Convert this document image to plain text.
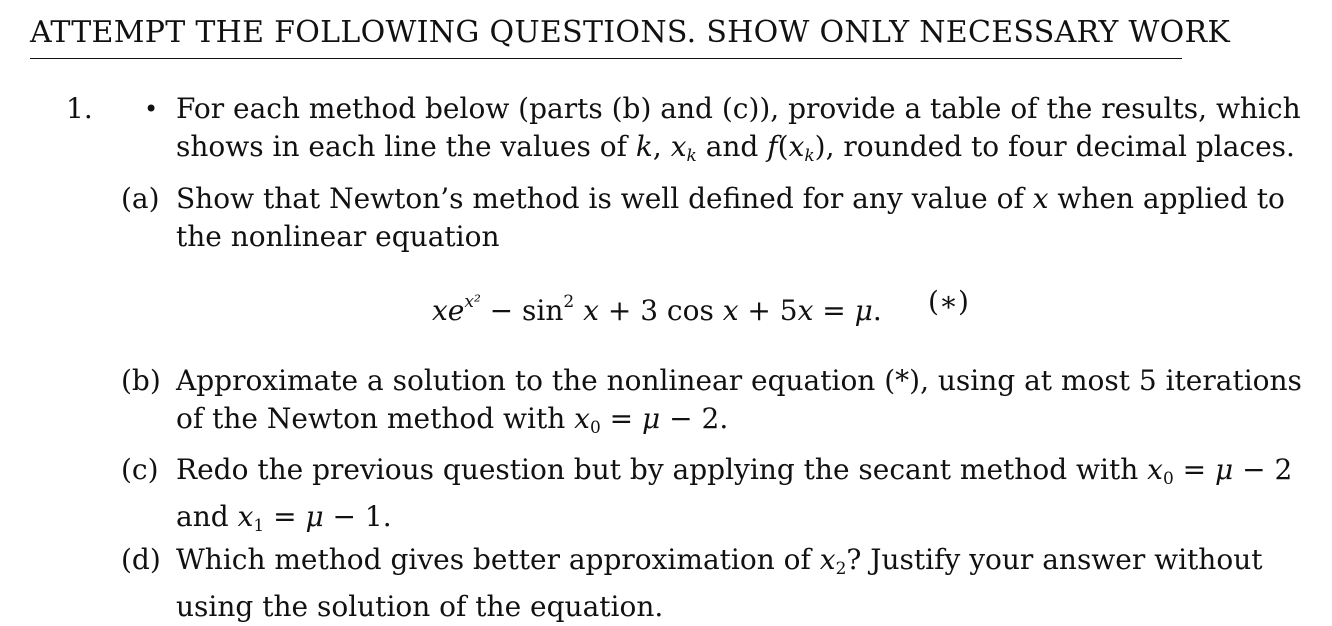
ATTEMPT THE FOLLOWING QUESTIONS. SHOW ONLY NECESSARY WORK
1. • For each method below (parts (b) and (c)), provide a table of the results, which
shows in each line the values of k, $x_k$ and $f(x_k)$, rounded to four decimal places.
(a) Show that Newton’s method is well defined for any value of x when applied to
the nonlinear equation
$xe^{x^2} - \sin^2 x + 3$ cos x + 5x = μ. (∗)
(b) Approximate a solution to the nonlinear equation (*), using at most 5 iterations
of the Newton method with $x_0 = \mu - 2$.
(c) Redo the previous question but by applying the secant method with $x_0 = \mu - 2$
and $x_1 = \mu - 1$.
(d) Which method gives better approximation of $x_2$? Justify your answer without
using the solution of the equation.
